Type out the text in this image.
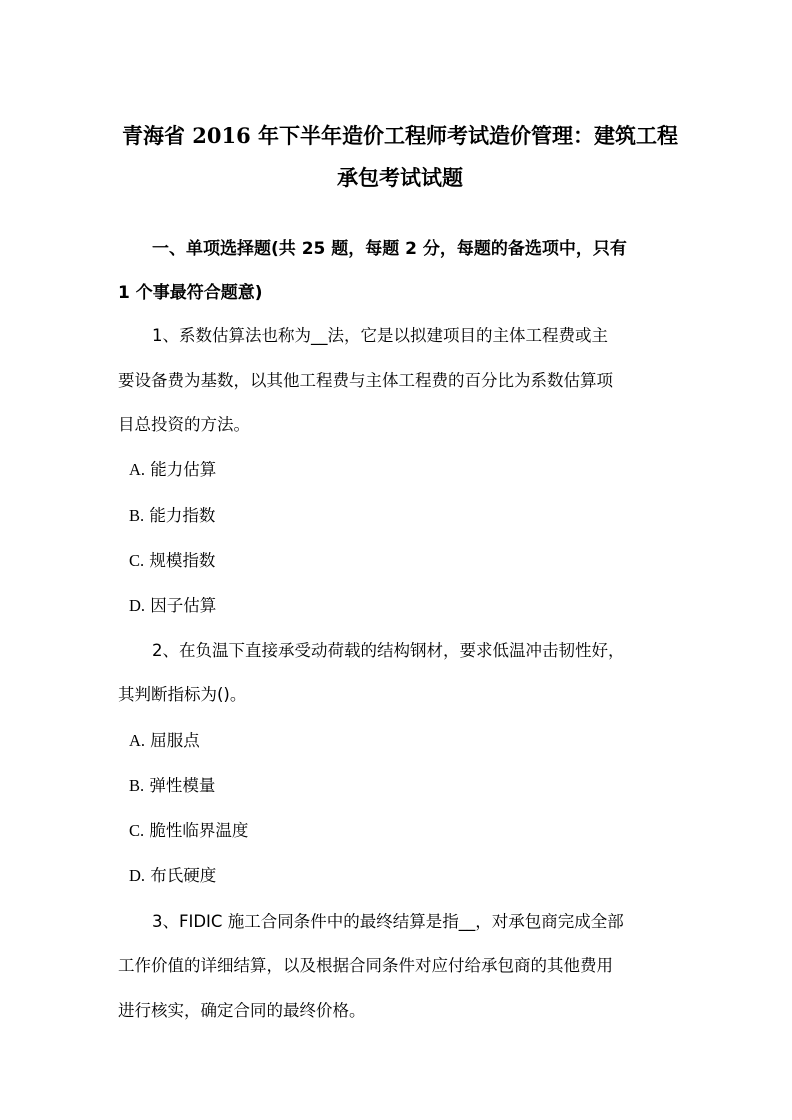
青海省 2016 年下半年造价工程师考试造价管理：建筑工程
承包考试试题
一、单项选择题(共 25 题，每题 2 分，每题的备选项中，只有
1 个事最符合题意)
1、系数估算法也称为__法，它是以拟建项目的主体工程费或主
要设备费为基数，以其他工程费与主体工程费的百分比为系数估算项
目总投资的方法。
A. 能力估算
B. 能力指数
C. 规模指数
D. 因子估算
2、在负温下直接承受动荷载的结构钢材，要求低温冲击韧性好，
其判断指标为()。
A. 屈服点
B. 弹性模量
C. 脆性临界温度
D. 布氏硬度
3、FIDIC 施工合同条件中的最终结算是指__，对承包商完成全部
工作价值的详细结算，以及根据合同条件对应付给承包商的其他费用
进行核实，确定合同的最终价格。
